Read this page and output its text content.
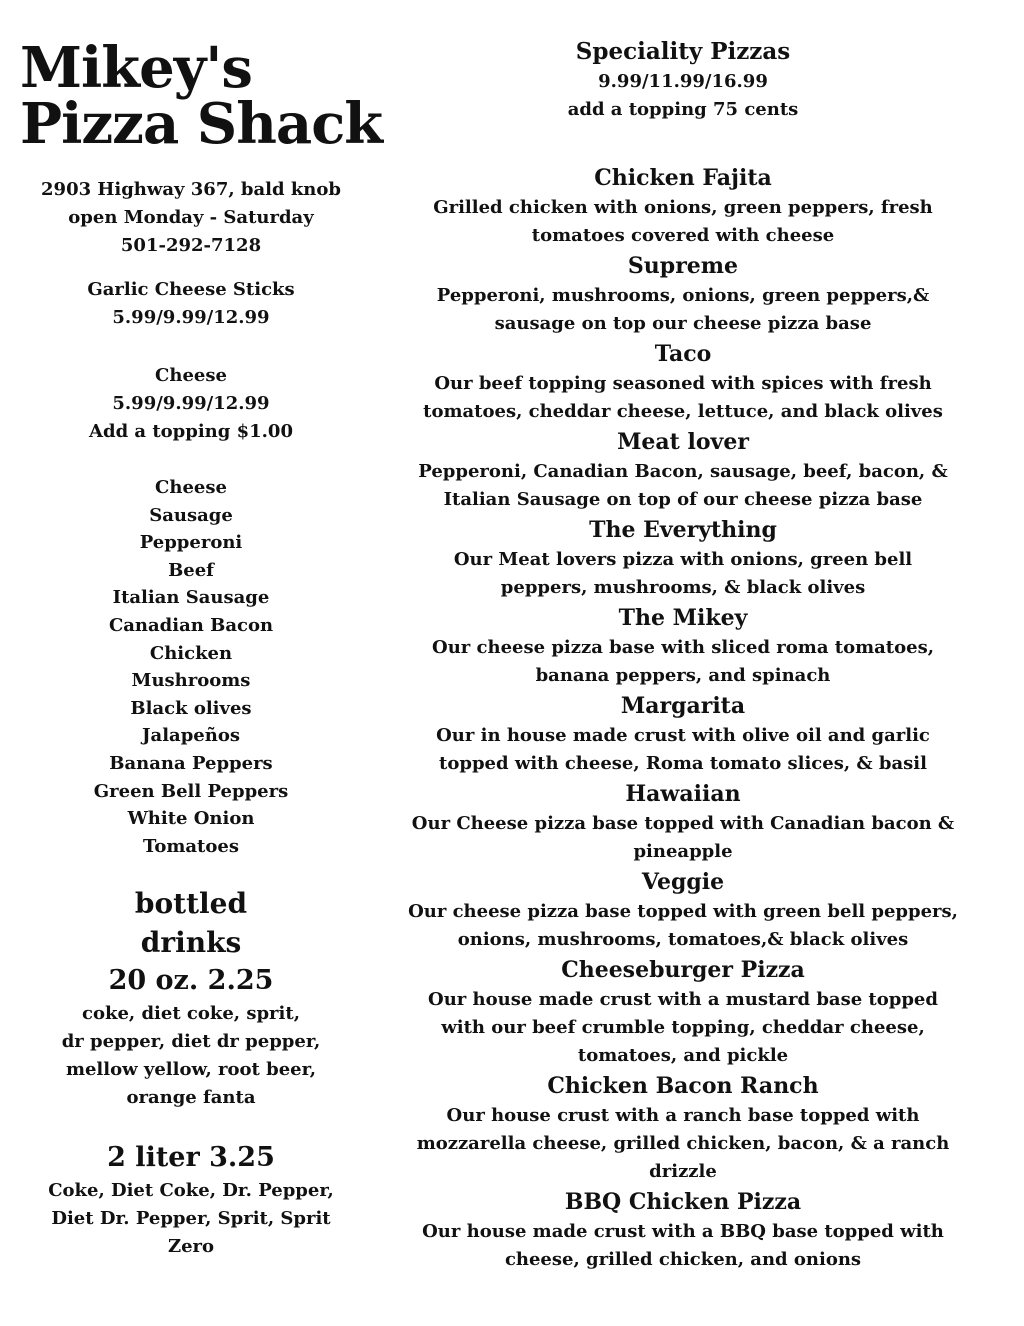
Mikey's
Pizza Shack
2903 Highway 367, bald knob
open Monday - Saturday
501-292-7128
Garlic Cheese Sticks
5.99/9.99/12.99
Cheese
5.99/9.99/12.99
Add a topping $1.00
Cheese
Sausage
Pepperoni
Beef
Italian Sausage
Canadian Bacon
Chicken
Mushrooms
Black olives
Jalapeños
Banana Peppers
Green Bell Peppers
White Onion
Tomatoes
bottled
drinks
20 oz. 2.25
coke, diet coke, sprit,
dr pepper, diet dr pepper,
mellow yellow, root beer,
orange fanta
2 liter 3.25
Coke, Diet Coke, Dr. Pepper,
Diet Dr. Pepper, Sprit, Sprit
Zero
Speciality Pizzas
9.99/11.99/16.99
add a topping 75 cents
Chicken Fajita
Grilled chicken with onions, green peppers, fresh
tomatoes covered with cheese
Supreme
Pepperoni, mushrooms, onions, green peppers,&
sausage on top our cheese pizza base
Taco
Our beef topping seasoned with spices with fresh
tomatoes, cheddar cheese, lettuce, and black olives
Meat lover
Pepperoni, Canadian Bacon, sausage, beef, bacon, &
Italian Sausage on top of our cheese pizza base
The Everything
Our Meat lovers pizza with onions, green bell
peppers, mushrooms, & black olives
The Mikey
Our cheese pizza base with sliced roma tomatoes,
banana peppers, and spinach
Margarita
Our in house made crust with olive oil and garlic
topped with cheese, Roma tomato slices, & basil
Hawaiian
Our Cheese pizza base topped with Canadian bacon &
pineapple
Veggie
Our cheese pizza base topped with green bell peppers,
onions, mushrooms, tomatoes,& black olives
Cheeseburger Pizza
Our house made crust with a mustard base topped
with our beef crumble topping, cheddar cheese,
tomatoes, and pickle
Chicken Bacon Ranch
Our house crust with a ranch base topped with
mozzarella cheese, grilled chicken, bacon, & a ranch
drizzle
BBQ Chicken Pizza
Our house made crust with a BBQ base topped with
cheese, grilled chicken, and onions
